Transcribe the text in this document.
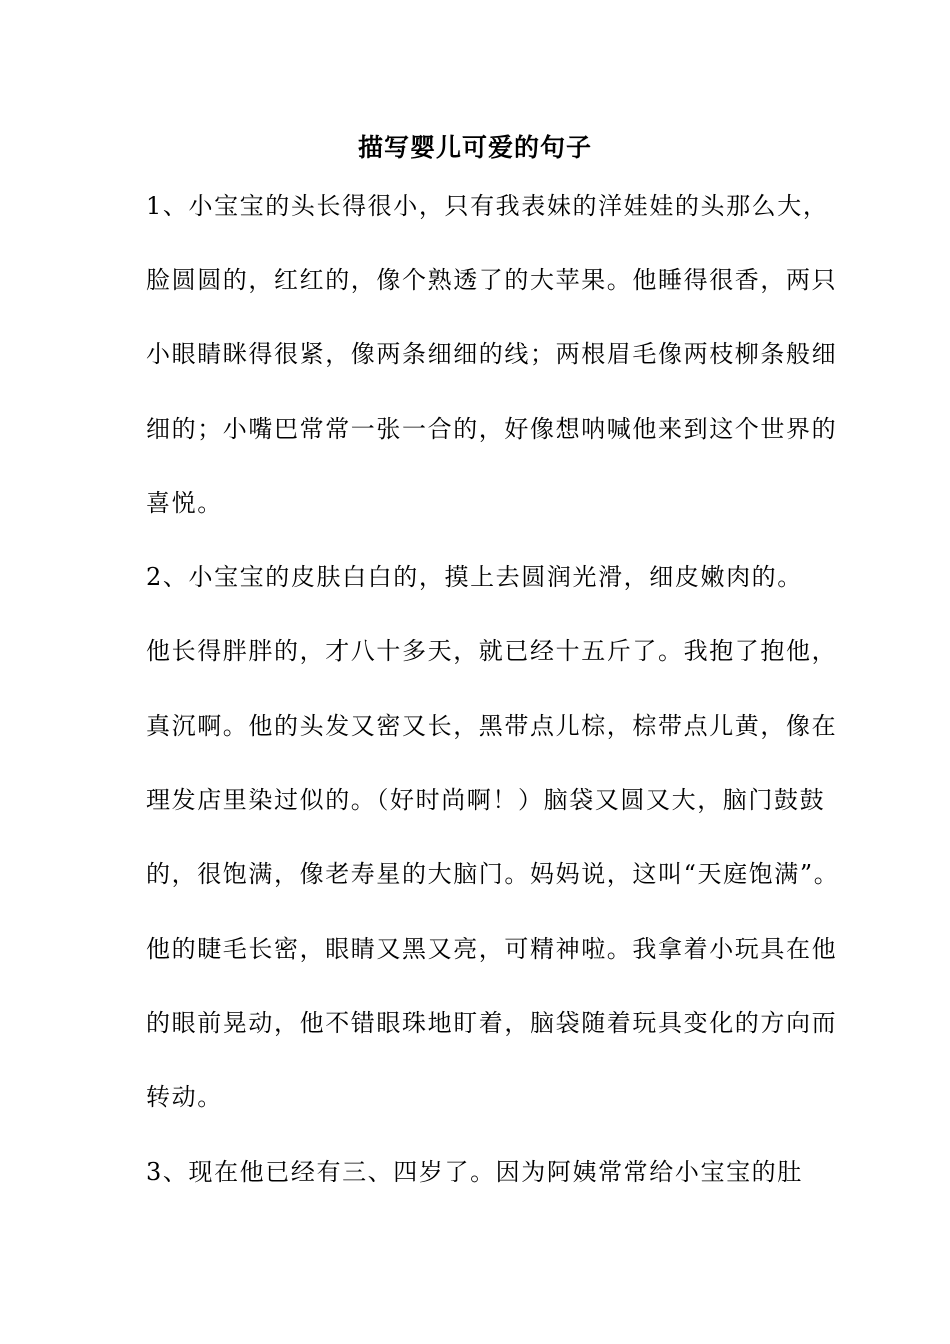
描写婴儿可爱的句子
1、小宝宝的头长得很小，只有我表妹的洋娃娃的头那么大，
脸圆圆的，红红的，像个熟透了的大苹果。他睡得很香，两只
小眼睛眯得很紧，像两条细细的线；两根眉毛像两枝柳条般细
细的；小嘴巴常常一张一合的，好像想呐喊他来到这个世界的
喜悦。
2、小宝宝的皮肤白白的，摸上去圆润光滑，细皮嫩肉的。
他长得胖胖的，才八十多天，就已经十五斤了。我抱了抱他，
真沉啊。他的头发又密又长，黑带点儿棕，棕带点儿黄，像在
理发店里染过似的。（好时尚啊！）脑袋又圆又大，脑门鼓鼓
的，很饱满，像老寿星的大脑门。妈妈说，这叫“天庭饱满”。
他的睫毛长密，眼睛又黑又亮，可精神啦。我拿着小玩具在他
的眼前晃动，他不错眼珠地盯着，脑袋随着玩具变化的方向而
转动。
3、现在他已经有三、四岁了。因为阿姨常常给小宝宝的肚
